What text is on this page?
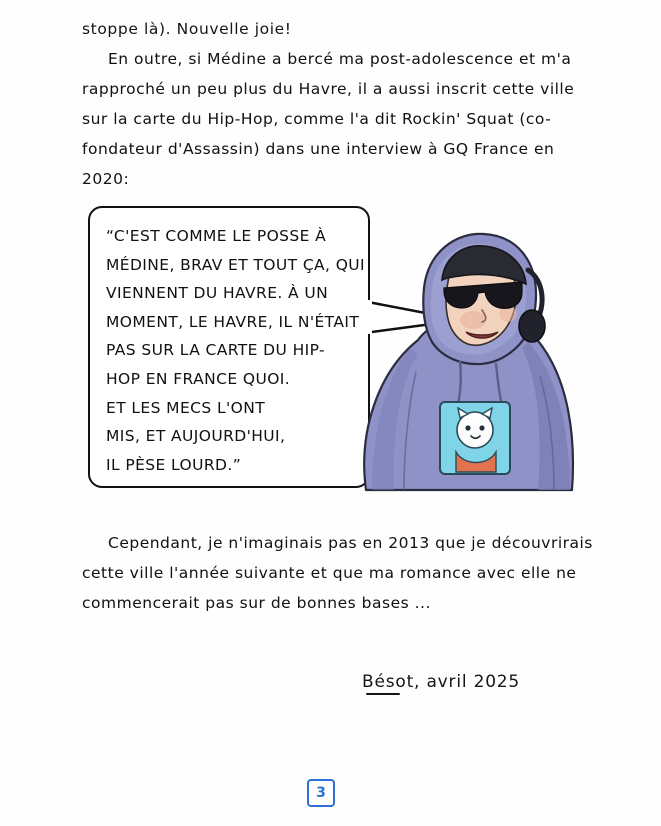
stoppe là). Nouvelle joie!

En outre, si Médine a bercé ma post-adolescence et m'a rapproché un peu plus du Havre, il a aussi inscrit cette ville sur la carte du Hip-Hop, comme l'a dit Rockin' Squat (co-fondateur d'Assassin) dans une interview à GQ France en 2020:
“C'EST COMME LE POSSE À
MÉDINE, BRAV ET TOUT ÇA, QUI
VIENNENT DU HAVRE. À UN
MOMENT, LE HAVRE, IL N'ÉTAIT
PAS SUR LA CARTE DU HIP-
HOP EN FRANCE QUOI.
ET LES MECS L'ONT
MIS, ET AUJOURD'HUI,
IL PÈSE LOURD.”
Cependant, je n'imaginais pas en 2013 que je découvrirais cette ville l'année suivante et que ma romance avec elle ne commencerait pas sur de bonnes bases ...
Bésot, avril 2025
3
